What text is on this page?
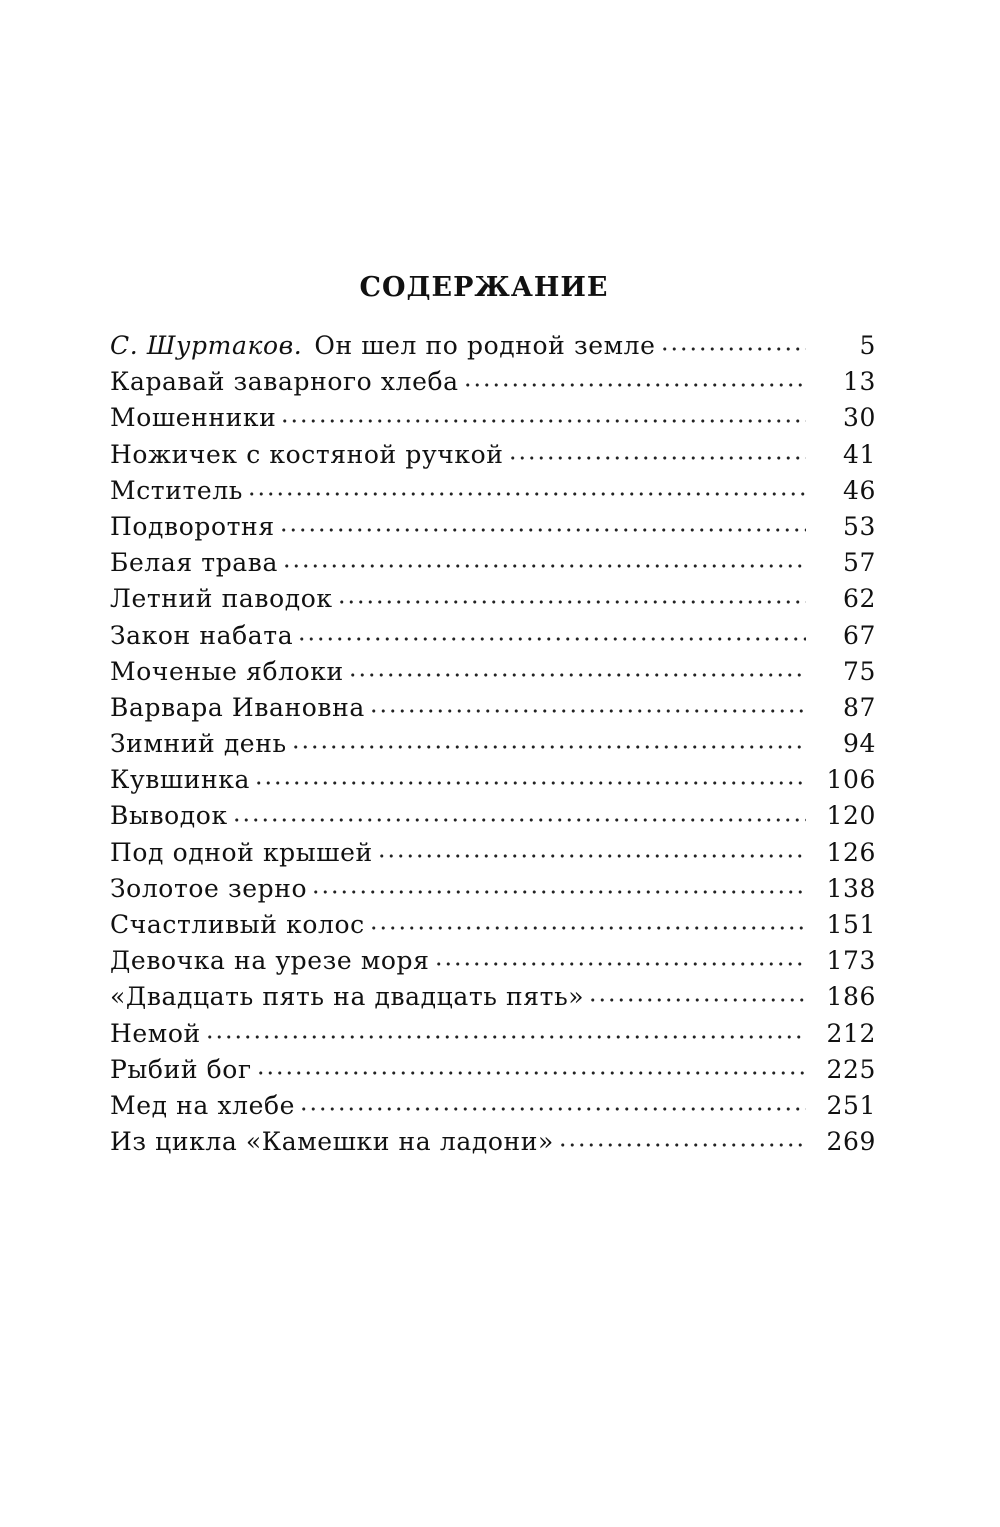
СОДЕРЖАНИЕ
С. Шуртаков. Он шел по родной земле	5
Каравай заварного хлеба	13
Мошенники	30
Ножичек с костяной ручкой	41
Мститель	46
Подворотня	53
Белая трава	57
Летний паводок	62
Закон набата	67
Моченые яблоки	75
Варвара Ивановна	87
Зимний день	94
Кувшинка	106
Выводок	120
Под одной крышей	126
Золотое зерно	138
Счастливый колос	151
Девочка на урезе моря	173
«Двадцать пять на двадцать пять»	186
Немой	212
Рыбий бог	225
Мед на хлебе	251
Из цикла «Камешки на ладони»	269
